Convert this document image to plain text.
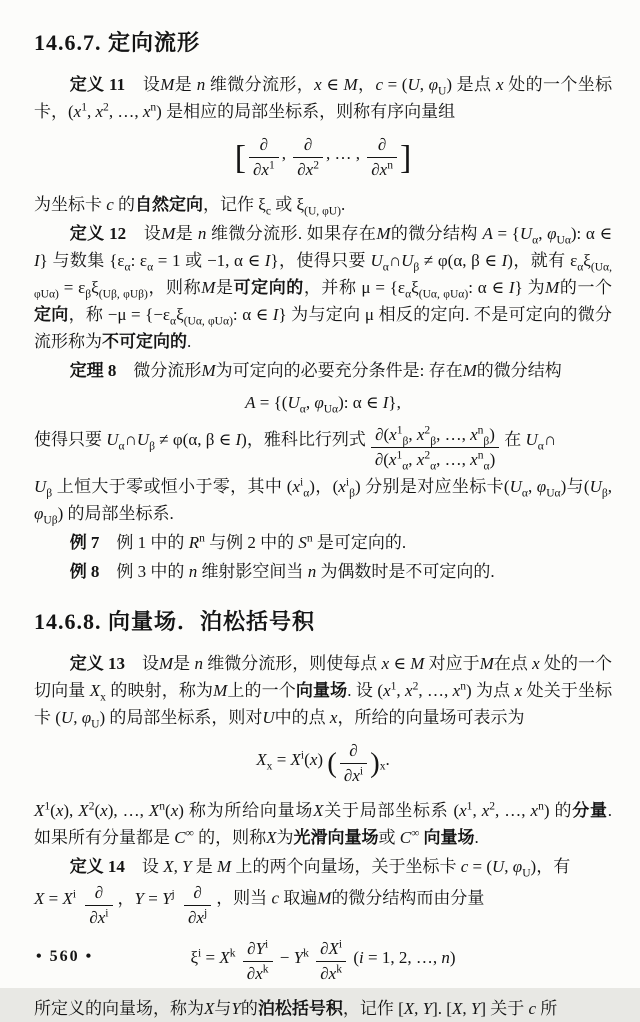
14.6.7. 定向流形

定义 11　设M是 n 维微分流形，x ∈ M，c = (U, $\varphi_U$) 是点 x 处的一个坐标卡，($x^1$, $x^2$, …, $x^n$) 是相应的局部坐标系，则称有序向量组

[ $\frac{\partial}{\partial x^1}$ , $\frac{\partial}{\partial x^2}$ , … , $\frac{\partial}{\partial x^n}$ ]

为坐标卡 c 的自然定向，记作 $\xi_c$ 或 $\xi_{(U, \varphi U)}$.

定义 12　设M是 n 维微分流形. 如果存在M的微分结构 $A = \{U_\alpha$, $\varphi_{U\alpha}$): α ∈ I} 与数集 {$\varepsilon_\alpha$: $\varepsilon_\alpha = 1$ 或 −1, α ∈ I}，使得只要 $U_\alpha\cap U_\beta \ne \varphi(\alpha$, β ∈ I)，就有 $\varepsilon_\alpha\xi_{(U\alpha, \varphi U\alpha)} = \varepsilon_\beta\xi_{(U\beta, \varphi U\beta)}$，则称M是可定向的，并称 $\mu = \{\varepsilon_\alpha\xi_{(U\alpha, \varphi U\alpha)}$: α ∈ I} 为M的一个定向，称 $-\mu = \{-\varepsilon_\alpha\xi_{(U\alpha, \varphi U\alpha)}$: α ∈ I} 为与定向 μ 相反的定向. 不是可定向的微分流形称为不可定向的.

定理 8　微分流形M为可定向的必要充分条件是: 存在M的微分结构

$A = \{(U_\alpha$, $\varphi_{U\alpha}$): α ∈ I},

使得只要 $U_\alpha\cap U_\beta \ne \varphi(\alpha$, β ∈ I)，雅科比行列式 $\frac{\partial(x^1_\beta, x^2_\beta, \dots, x^n_\beta)}{\partial(x^1_\alpha, x^2_\alpha, \dots, x^n_\alpha)}$ 在 $U_\alpha\cap$

$U_\beta$ 上恒大于零或恒小于零，其中 $(x^i_\alpha)$，$(x^i_\beta)$ 分别是对应坐标卡($U_\alpha$, $\varphi_{U\alpha}$)与($U_\beta$, $\varphi_{U\beta}$) 的局部坐标系.

例 7　例 1 中的 $R^n$ 与例 2 中的 $S^n$ 是可定向的.

例 8　例 3 中的 n 维射影空间当 n 为偶数时是不可定向的.

14.6.8. 向量场．泊松括号积

定义 13　设M是 n 维微分流形，则使每点 x ∈ M 对应于M在点 x 处的一个切向量 $X_x$ 的映射，称为M上的一个向量场. 设 ($x^1$, $x^2$, …, $x^n$) 为点 x 处关于坐标卡 (U, $\varphi_U$) 的局部坐标系，则对U中的点 x，所给的向量场可表示为

$X_x = X^i(x)$ ( $\frac{\partial}{\partial x^i} )_x$.

$X^1(x)$, $X^2(x)$, …, $X^n(x)$ 称为所给向量场X关于局部坐标系 ($x^1$, $x^2$, …, $x^n$) 的分量. 如果所有分量都是 C∞ 的，则称X为光滑向量场或 C∞ 向量场.

定义 14　设 X, Y 是 M 上的两个向量场，关于坐标卡 c = (U, $\varphi_U$)，有

$X = X^i \frac{\partial}{\partial x^i}$ ，$Y = Y^j \frac{\partial}{\partial x^j}$ ，则当 c 取遍M的微分结构而由分量

$\xi^i = X^k \frac{\partial Y^i}{\partial x^k} - Y^k \frac{\partial X^i}{\partial x^k} (i = 1$, 2, …, n)

所定义的向量场，称为X与Y的泊松括号积，记作 [X, Y]. [X, Y] 关于 c 所

• 560 •
